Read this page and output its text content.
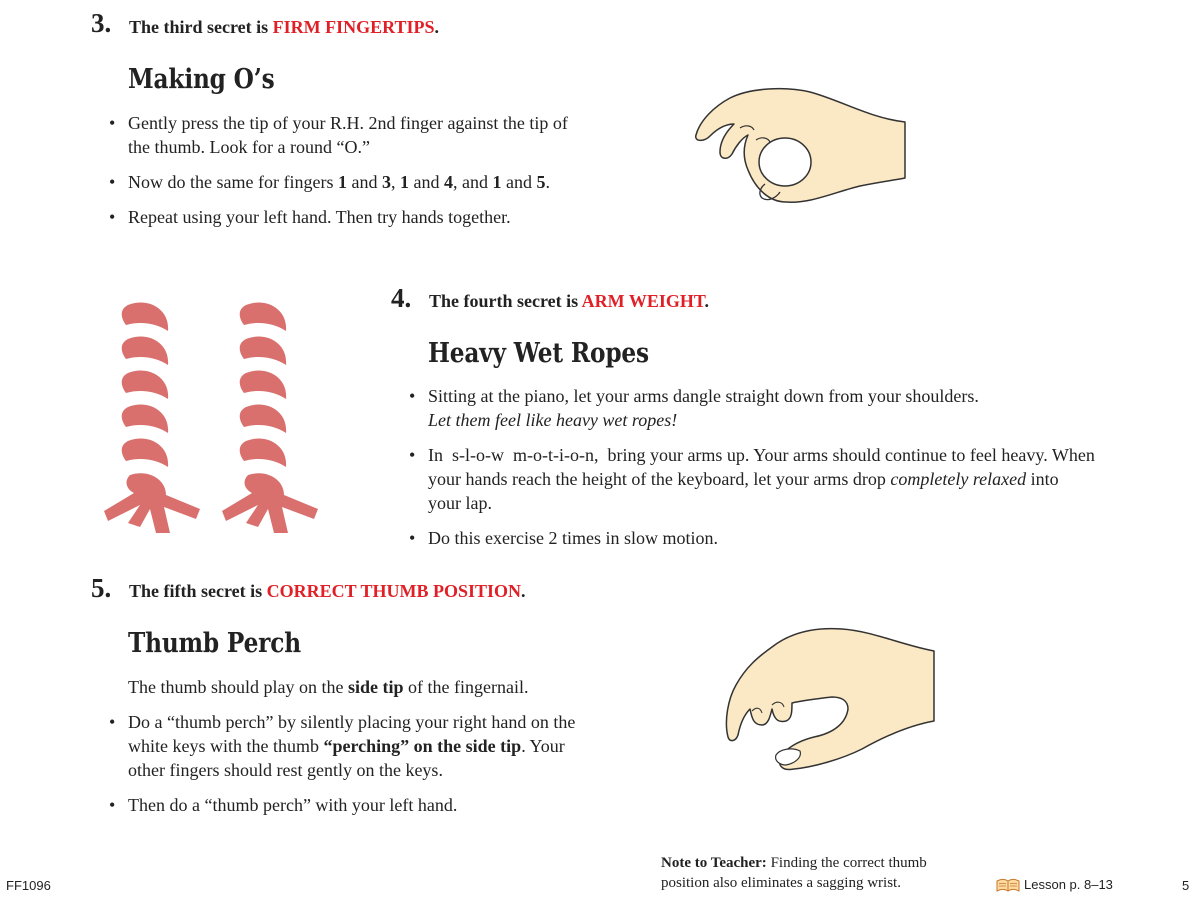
3. The third secret is FIRM FINGERTIPS.
Making O’s
• Gently press the tip of your R.H. 2nd finger against the tip of the thumb. Look for a round “O.”
• Now do the same for fingers 1 and 3, 1 and 4, and 1 and 5.
• Repeat using your left hand. Then try hands together.
4. The fourth secret is ARM WEIGHT.
Heavy Wet Ropes
• Sitting at the piano, let your arms dangle straight down from your shoulders.
Let them feel like heavy wet ropes!
• In  s-l-o-w  m-o-t-i-o-n,  bring your arms up. Your arms should continue to feel heavy. When your hands reach the height of the keyboard, let your arms drop completely relaxed into your lap.
• Do this exercise 2 times in slow motion.
5. The fifth secret is CORRECT THUMB POSITION.
Thumb Perch
The thumb should play on the side tip of the fingernail.
• Do a “thumb perch” by silently placing your right hand on the white keys with the thumb “perching” on the side tip. Your other fingers should rest gently on the keys.
• Then do a “thumb perch” with your left hand.
Note to Teacher: Finding the correct thumb position also eliminates a sagging wrist.
FF1096	Lesson p. 8–13	5
